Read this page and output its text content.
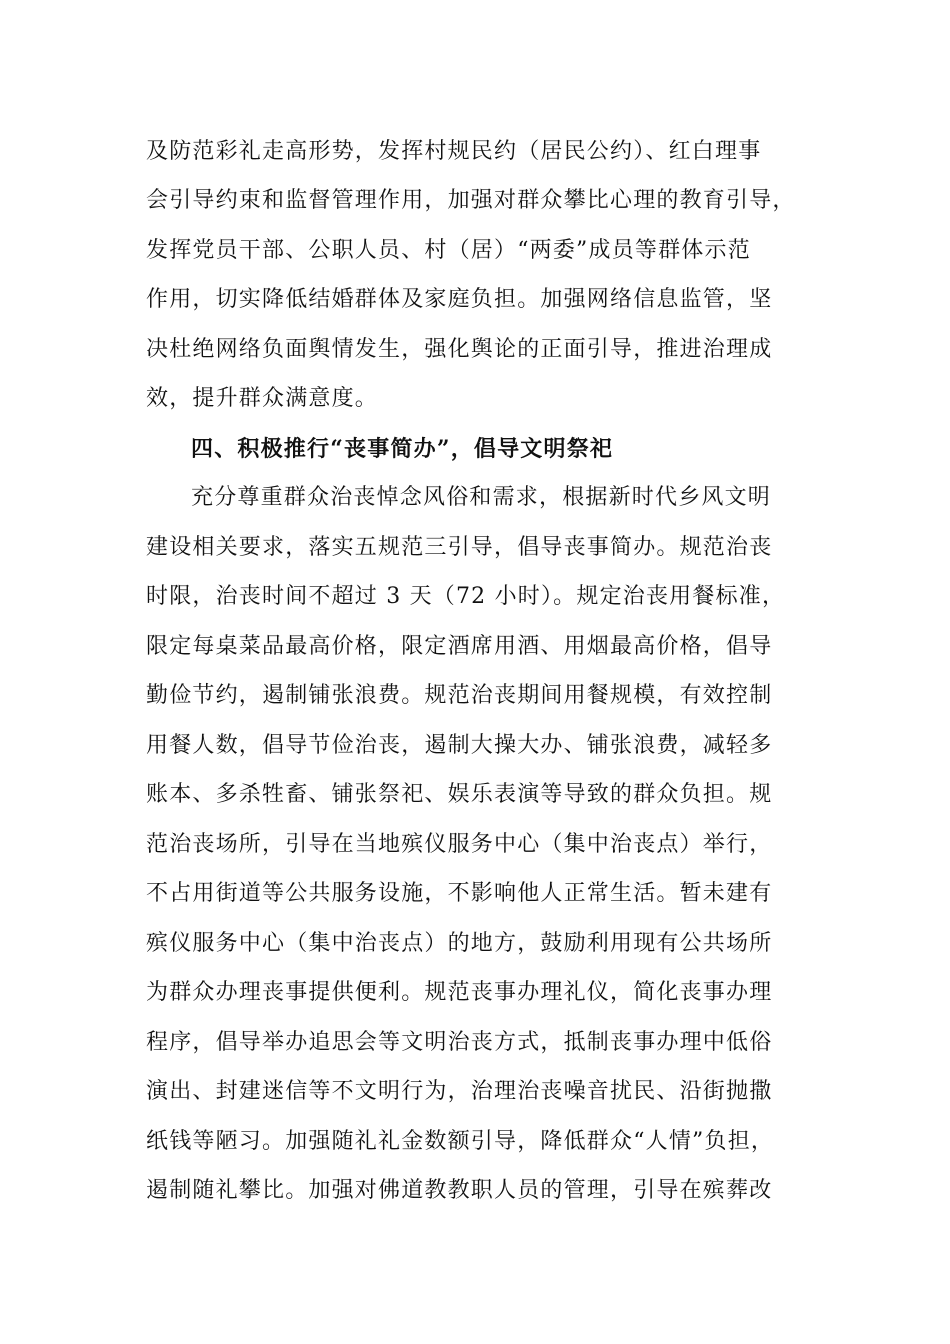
及防范彩礼走高形势，发挥村规民约（居民公约）、红白理事
会引导约束和监督管理作用，加强对群众攀比心理的教育引导，
发挥党员干部、公职人员、村（居）“两委”成员等群体示范
作用，切实降低结婚群体及家庭负担。加强网络信息监管，坚
决杜绝网络负面舆情发生，强化舆论的正面引导，推进治理成
效，提升群众满意度。
四、积极推行“丧事简办”，倡导文明祭祀
充分尊重群众治丧悼念风俗和需求，根据新时代乡风文明
建设相关要求，落实五规范三引导，倡导丧事简办。规范治丧
时限，治丧时间不超过 3 天（72 小时）。规定治丧用餐标准，
限定每桌菜品最高价格，限定酒席用酒、用烟最高价格，倡导
勤俭节约，遏制铺张浪费。规范治丧期间用餐规模，有效控制
用餐人数，倡导节俭治丧，遏制大操大办、铺张浪费，减轻多
账本、多杀牲畜、铺张祭祀、娱乐表演等导致的群众负担。规
范治丧场所，引导在当地殡仪服务中心（集中治丧点）举行，
不占用街道等公共服务设施，不影响他人正常生活。暂未建有
殡仪服务中心（集中治丧点）的地方，鼓励利用现有公共场所
为群众办理丧事提供便利。规范丧事办理礼仪，简化丧事办理
程序，倡导举办追思会等文明治丧方式，抵制丧事办理中低俗
演出、封建迷信等不文明行为，治理治丧噪音扰民、沿街抛撒
纸钱等陋习。加强随礼礼金数额引导，降低群众“人情”负担，
遏制随礼攀比。加强对佛道教教职人员的管理，引导在殡葬改
